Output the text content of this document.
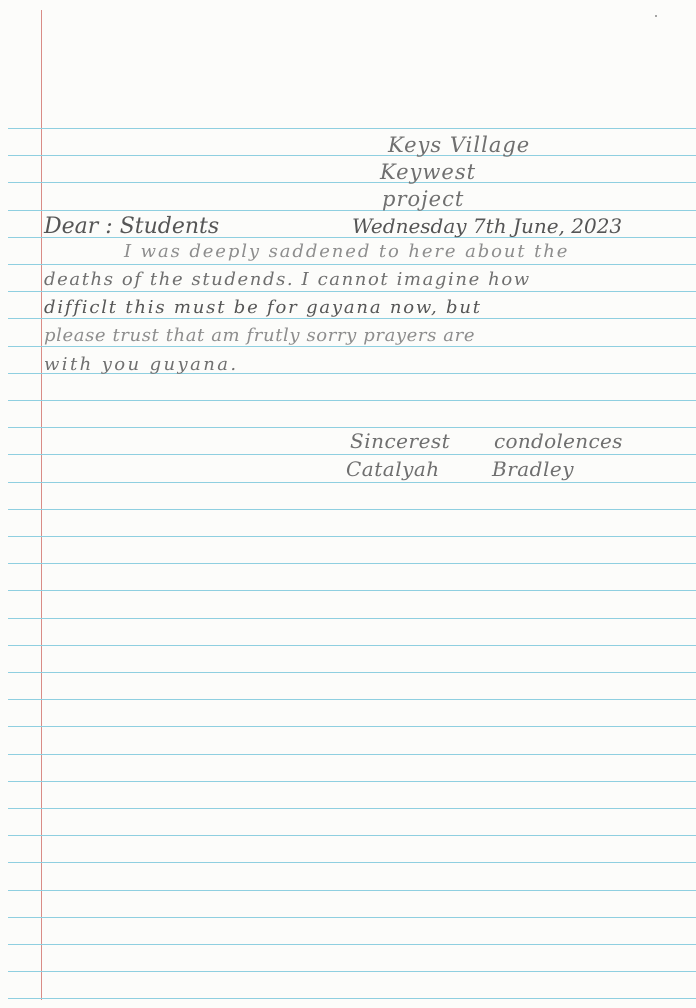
Keys Village
Keywest
project
Dear : Students	Wednesday 7th June, 2023
I was deeply saddened to here about the
deaths of the studends. I cannot imagine how
difficlt this must be for gayana now, but
please trust that am frutly sorry prayers are
with you guyana.
Sincerest condolences
Catalyah	Bradley
